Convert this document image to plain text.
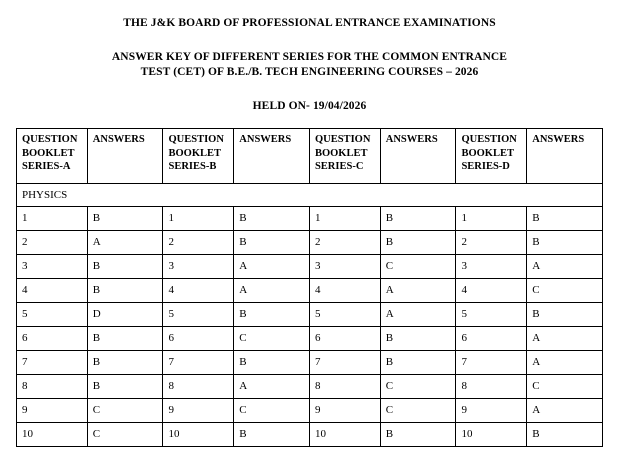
THE J&K BOARD OF PROFESSIONAL ENTRANCE EXAMINATIONS
ANSWER KEY OF DIFFERENT SERIES FOR THE COMMON ENTRANCE
TEST (CET) OF B.E./B. TECH ENGINEERING COURSES – 2026
HELD ON- 19/04/2026
QUESTION BOOKLET SERIES-A	ANSWERS	QUESTION BOOKLET SERIES-B	ANSWERS	QUESTION BOOKLET SERIES-C	ANSWERS	QUESTION BOOKLET SERIES-D	ANSWERS

PHYSICS							
1	B	1	B	1	B	1	B
2	A	2	B	2	B	2	B
3	B	3	A	3	C	3	A
4	B	4	A	4	A	4	C
5	D	5	B	5	A	5	B
6	B	6	C	6	B	6	A
7	B	7	B	7	B	7	A
8	B	8	A	8	C	8	C
9	C	9	C	9	C	9	A
10	C	10	B	10	B	10	B
